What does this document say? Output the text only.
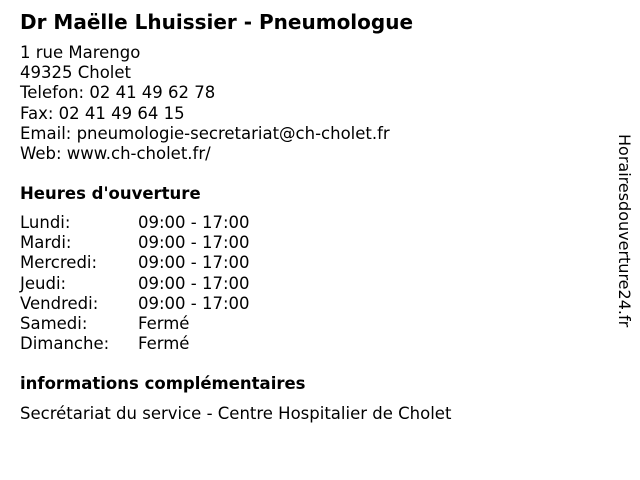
Dr Maëlle Lhuissier - Pneumologue
1 rue Marengo
49325 Cholet
Telefon: 02 41 49 62 78
Fax: 02 41 49 64 15
Email: pneumologie-secretariat@ch-cholet.fr
Web: www.ch-cholet.fr/
Heures d'ouverture
Lundi:	09:00 - 17:00
Mardi:	09:00 - 17:00
Mercredi: 09:00 - 17:00
Jeudi:	09:00 - 17:00
Vendredi: 09:00 - 17:00
Samedi:	Fermé
Dimanche: Fermé
informations complémentaires
Secrétariat du service - Centre Hospitalier de Cholet
Horairesdouverture24.fr
